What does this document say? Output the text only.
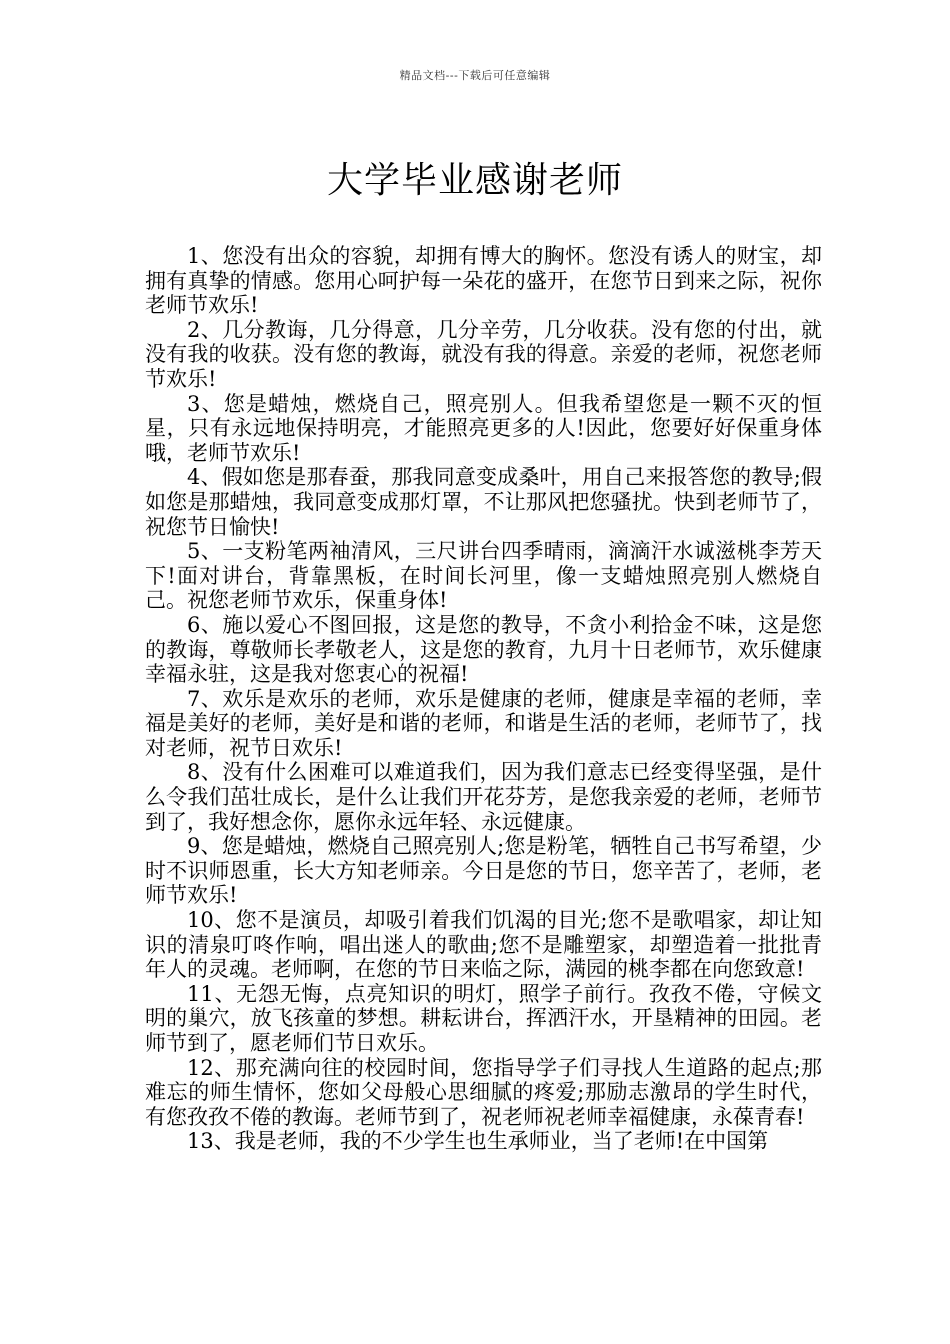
精品文档---下载后可任意编辑
大学毕业感谢老师

1、您没有出众的容貌，却拥有博大的胸怀。您没有诱人的财宝，却拥有真挚的情感。您用心呵护每一朵花的盛开，在您节日到来之际，祝你老师节欢乐!

2、几分教诲，几分得意，几分辛劳，几分收获。没有您的付出，就没有我的收获。没有您的教诲，就没有我的得意。亲爱的老师，祝您老师节欢乐!

3、您是蜡烛，燃烧自己，照亮别人。但我希望您是一颗不灭的恒星，只有永远地保持明亮，才能照亮更多的人!因此，您要好好保重身体哦，老师节欢乐!

4、假如您是那春蚕，那我同意变成桑叶，用自己来报答您的教导;假如您是那蜡烛，我同意变成那灯罩，不让那风把您骚扰。快到老师节了，祝您节日愉快!

5、一支粉笔两袖清风，三尺讲台四季晴雨，滴滴汗水诚滋桃李芳天下!面对讲台，背靠黑板，在时间长河里，像一支蜡烛照亮别人燃烧自己。祝您老师节欢乐，保重身体!

6、施以爱心不图回报，这是您的教导，不贪小利拾金不味，这是您的教诲，尊敬师长孝敬老人，这是您的教育，九月十日老师节，欢乐健康幸福永驻，这是我对您衷心的祝福!

7、欢乐是欢乐的老师，欢乐是健康的老师，健康是幸福的老师，幸福是美好的老师，美好是和谐的老师，和谐是生活的老师，老师节了，找对老师，祝节日欢乐!

8、没有什么困难可以难道我们，因为我们意志已经变得坚强，是什么令我们茁壮成长，是什么让我们开花芬芳，是您我亲爱的老师，老师节到了，我好想念你，愿你永远年轻、永远健康。

9、您是蜡烛，燃烧自己照亮别人;您是粉笔，牺牲自己书写希望，少时不识师恩重，长大方知老师亲。今日是您的节日，您辛苦了，老师，老师节欢乐!

10、您不是演员，却吸引着我们饥渴的目光;您不是歌唱家，却让知识的清泉叮咚作响，唱出迷人的歌曲;您不是雕塑家，却塑造着一批批青年人的灵魂。老师啊，在您的节日来临之际，满园的桃李都在向您致意!

11、无怨无悔，点亮知识的明灯，照学子前行。孜孜不倦，守候文明的巢穴，放飞孩童的梦想。耕耘讲台，挥洒汗水，开垦精神的田园。老师节到了，愿老师们节日欢乐。

12、那充满向往的校园时间，您指导学子们寻找人生道路的起点;那难忘的师生情怀，您如父母般心思细腻的疼爱;那励志激昂的学生时代，有您孜孜不倦的教诲。老师节到了，祝老师祝老师幸福健康，永葆青春!

13、我是老师，我的不少学生也生承师业，当了老师!在中国第
